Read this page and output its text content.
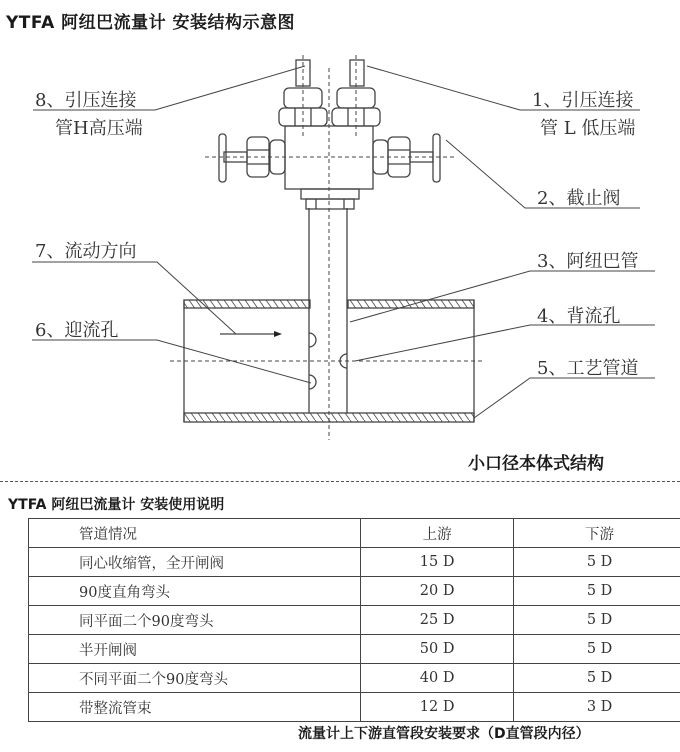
YTFA 阿纽巴流量计 安装结构示意图
8、引压连接
管H高压端
1、引压连接
管 L 低压端
2、截止阀
7、流动方向	3、阿纽巴管
4、背流孔
6、迎流孔
5、工艺管道
小口径本体式结构
YTFA 阿纽巴流量计 安装使用说明
管道情况	上游	下游
同心收缩管，全开闸阀	15 D	5 D
90度直角弯头	20 D	5 D
同平面二个90度弯头	25 D	5 D
半开闸阀	50 D	5 D
不同平面二个90度弯头	40 D	5 D
带整流管束	12 D	3 D
流量计上下游直管段安装要求（D直管段内径）
